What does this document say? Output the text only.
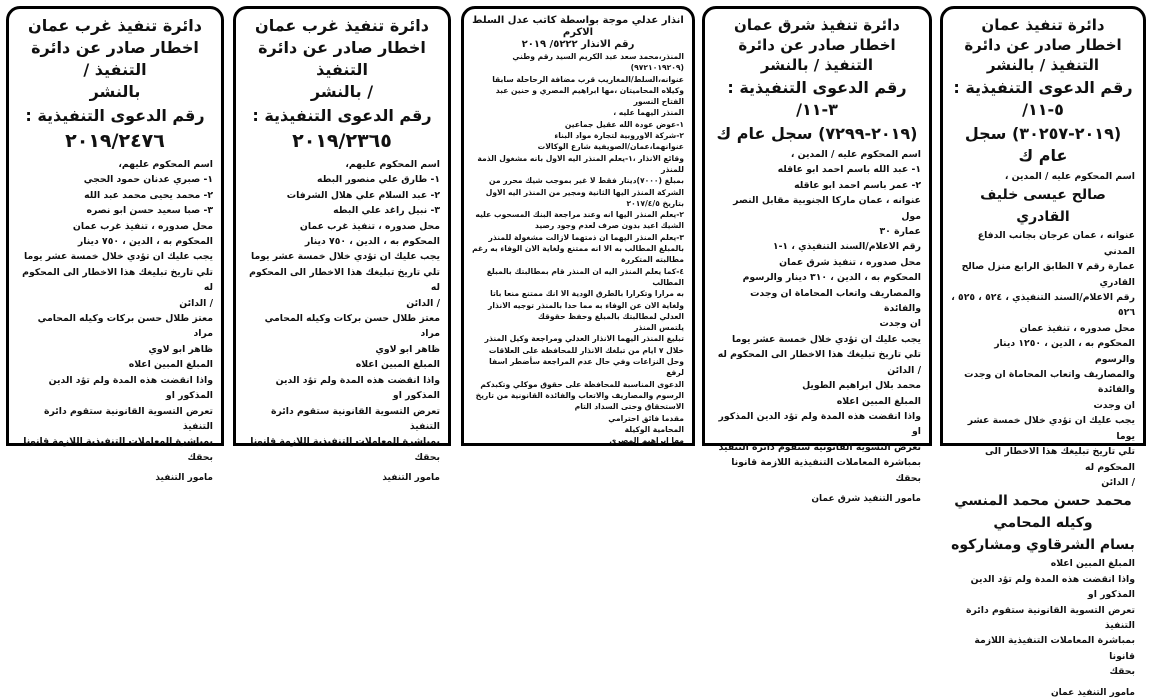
دائرة تنفيذ غرب عمان
اخطار صادر عن دائرة التنفيذ /
بالنشر
رقم الدعوى التنفيذية :
٢٠١٩/٢٤٧٦

اسم المحكوم عليهم،

١- صبري عدنان حمود الحجي

٢- محمد يحيى محمد عبد الله

٣- صبا سعيد حسن ابو نصره

محل صدوره ، تنفيذ غرب عمان

المحكوم به ، الدين ، ٧٥٠ دينار

يجب عليك ان تؤدي خلال خمسة عشر يوما

تلي تاريخ تبليغك هذا الاخطار الى المحكوم له

/ الدائن

معتز طلال حسن بركات وكيله المحامي مراد

ظاهر ابو لاوي

المبلغ المبين اعلاه

واذا انقضت هذه المدة ولم تؤد الدين المذكور او

تعرض التسوية القانونية ستقوم دائرة التنفيذ

بمباشرة المعاملات التنفيذية اللازمة قانونا

بحقك

مامور التنفيذ
دائرة تنفيذ غرب عمان
اخطار صادر عن دائرة التنفيذ
/ بالنشر
رقم الدعوى التنفيذية :
٢٠١٩/٢٣٦٥

اسم المحكوم عليهم،

١- طارق علي منصور البطه

٢- عبد السلام علي هلال الشرفات

٣- نبيل راغد علي البطه

محل صدوره ، تنفيذ غرب عمان

المحكوم به ، الدين ، ٧٥٠ دينار

يجب عليك ان تؤدي خلال خمسة عشر يوما

تلي تاريخ تبليغك هذا الاخطار الى المحكوم له

/ الدائن

معتز طلال حسن بركات وكيله المحامي مراد

ظاهر ابو لاوي

المبلغ المبين اعلاه

واذا انقضت هذه المدة ولم تؤد الدين المذكور او

تعرض التسوية القانونية ستقوم دائرة التنفيذ

بمباشرة المعاملات التنفيذية اللازمة قانونا

بحقك

مامور التنفيذ
انذار عدلي موجة بواسطة كاتب عدل السلط الاكرم
رقم الانذار ٥٢٢٢/ ٢٠١٩

المنذر،محمد سعد عبد الكريم السيد رقم وطني (٩٧٢١٠١٩٢٠٩)

عنوانه،السلط/المغاريب قرب مضافة الرحاحلة سابقا

وكيلاه المحاميتان ،مها ابراهيم المصري و حنين عبد الفتاح النسور

المنذر اليهما عليه ،

١-عوض عودة الله عقيل جماعين

٢-شركة الاوروبية لتجارة مواد البناء

عنوانهما،عمان/الصويفية شارع الوكالات

وقائع الانذار ،١-يعلم المنذر اليه الاول بانه مشغول الذمة للمنذر

بمبلغ (٧٠٠٠)دينار فقط لا غير بموجب شيك محرر من

الشركة المنذر اليها الثانية ومجير من المنذر اليه الاول

بتاريخ ٢٠١٧/٤/٥

٢-يعلم المنذر اليها انه وعند مراجعة البنك المسحوب عليه

الشيك اعيد بدون صرف لعدم وجود رصيد

٣-يعلم المنذر اليهما ان ذمتهما لازالت مشغولة للمنذر

بالمبلغ المطالب به الا انه ممتنع ولغاية الان الوفاء به رغم

مطالبته المتكررة

٤-كما يعلم المنذر اليه ان المنذر قام بمطالبتك بالمبلغ المطالب

به مرارا وتكرارا بالطرق الودية الا انك ممتنع منعا باتا

ولغاية الان عن الوفاء به مما حدا بالمنذر توجيه الانذار

العدلي لمطالبتك بالمبلغ وحفظ حقوقك

يلتمس المنذر

تبليغ المنذر اليهما الانذار العدلي ومراجعة وكيل المنذر

خلال ٧ ايام من تبلغك الانذار للمحافظة على العلاقات

وحل النزاعات وفي حال عدم المراجعة سأضطر اسفا لرفع

الدعوى المناسبة للمحافظة على حقوق موكلي وتكبدكم

الرسوم والمصاريف والاتعاب والفائدة القانونية من تاريخ

الاستحقاق وحتى السداد التام

مقدما فائق احترامي

المحامية الوكيلة

مها ابراهيم المصري

دائرة تنفيذ شرق عمان
اخطار صادر عن دائرة التنفيذ / بالنشر
رقم الدعوى التنفيذية : ٣-١١/
(٢٠١٩-٧٢٩٩) سجل عام ك

اسم المحكوم عليه / المدين ،

١- عبد الله باسم احمد ابو عاقله

٢- عمر باسم احمد ابو عاقله

عنوانه ، عمان ماركا الجنوبية مقابل النصر مول

عمارة ٣٠

رقم الاعلام/السند التنفيذي ، ١-١

محل صدوره ، تنفيذ شرق عمان

المحكوم به ، الدين ، ٣١٠ دينار والرسوم

والمصاريف واتعاب المحاماة ان وجدت والفائدة

ان وجدت

يجب عليك ان تؤدي خلال خمسة عشر يوما

تلي تاريخ تبليغك هذا الاخطار الى المحكوم له

/ الدائن

محمد بلال ابراهيم الطويل

المبلغ المبين اعلاه

واذا انقضت هذه المدة ولم تؤد الدين المذكور او

تعرض التسوية القانونية ستقوم دائرة التنفيذ

بمباشرة المعاملات التنفيذية اللازمة قانونا

بحقك

مامور التنفيذ شرق عمان
دائرة تنفيذ عمان
اخطار صادر عن دائرة التنفيذ / بالنشر
رقم الدعوى التنفيذية : ٥-١١/
(٢٠١٩-٣٠٢٥٧) سجل عام ك

اسم المحكوم عليه / المدين ،

صالح عيسى خليف القادري

عنوانه ، عمان عرجان بجانب الدفاع المدني

عمارة رقم ٧ الطابق الرابع منزل صالح القادري

رقم الاعلام/السند التنفيذي ، ٥٢٤ ، ٥٢٥ ،

٥٢٦

محل صدوره ، تنفيذ عمان

المحكوم به ، الدين ، ١٢٥٠ دينار والرسوم

والمصاريف واتعاب المحاماة ان وجدت والفائدة

ان وجدت

يجب عليك ان تؤدي خلال خمسة عشر يوما

تلي تاريخ تبليغك هذا الاخطار الى المحكوم له

/ الدائن

محمد حسن محمد المنسي وكيله المحامي
بسام الشرقاوي ومشاركوه

المبلغ المبين اعلاه

واذا انقضت هذه المدة ولم تؤد الدين المذكور او

تعرض التسوية القانونية ستقوم دائرة التنفيذ

بمباشرة المعاملات التنفيذية اللازمة قانونا

بحقك

مامور التنفيذ عمان
